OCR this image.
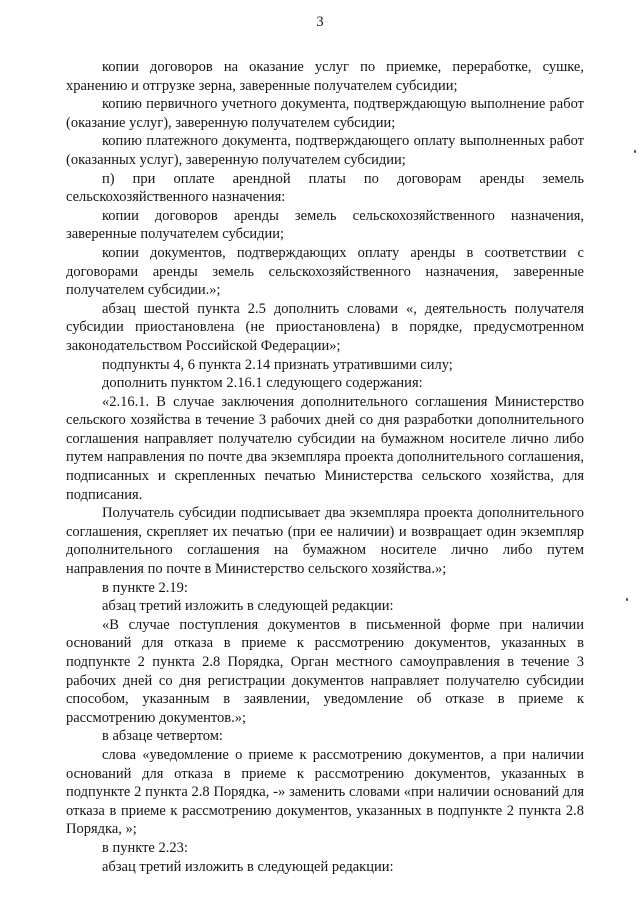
3

копии договоров на оказание услуг по приемке, переработке, сушке, хранению и отгрузке зерна, заверенные получателем субсидии;

копию первичного учетного документа, подтверждающую выполнение работ (оказание услуг), заверенную получателем субсидии;

копию платежного документа, подтверждающего оплату выполненных работ (оказанных услуг), заверенную получателем субсидии;

п) при оплате арендной платы по договорам аренды земель сельскохозяйственного назначения:

копии договоров аренды земель сельскохозяйственного назначения, заверенные получателем субсидии;

копии документов, подтверждающих оплату аренды в соответствии с договорами аренды земель сельскохозяйственного назначения, заверенные получателем субсидии.»;

абзац шестой пункта 2.5 дополнить словами «, деятельность получателя субсидии приостановлена (не приостановлена) в порядке, предусмотренном законодательством Российской Федерации»;

подпункты 4, 6 пункта 2.14 признать утратившими силу;

дополнить пунктом 2.16.1 следующего содержания:

«2.16.1. В случае заключения дополнительного соглашения Министерство сельского хозяйства в течение 3 рабочих дней со дня разработки дополнительного соглашения направляет получателю субсидии на бумажном носителе лично либо путем направления по почте два экземпляра проекта дополнительного соглашения, подписанных и скрепленных печатью Министерства сельского хозяйства, для подписания.

Получатель субсидии подписывает два экземпляра проекта дополнительного соглашения, скрепляет их печатью (при ее наличии) и возвращает один экземпляр дополнительного соглашения на бумажном носителе лично либо путем направления по почте в Министерство сельского хозяйства.»;

в пункте 2.19:

абзац третий изложить в следующей редакции:

«В случае поступления документов в письменной форме при наличии оснований для отказа в приеме к рассмотрению документов, указанных в подпункте 2 пункта 2.8 Порядка, Орган местного самоуправления в течение 3 рабочих дней со дня регистрации документов направляет получателю субсидии способом, указанным в заявлении, уведомление об отказе в приеме к рассмотрению документов.»;

в абзаце четвертом:

слова «уведомление о приеме к рассмотрению документов, а при наличии оснований для отказа в приеме к рассмотрению документов, указанных в подпункте 2 пункта 2.8 Порядка, -» заменить словами «при наличии оснований для отказа в приеме к рассмотрению документов, указанных в подпункте 2 пункта 2.8 Порядка, »;

в пункте 2.23:

абзац третий изложить в следующей редакции:
